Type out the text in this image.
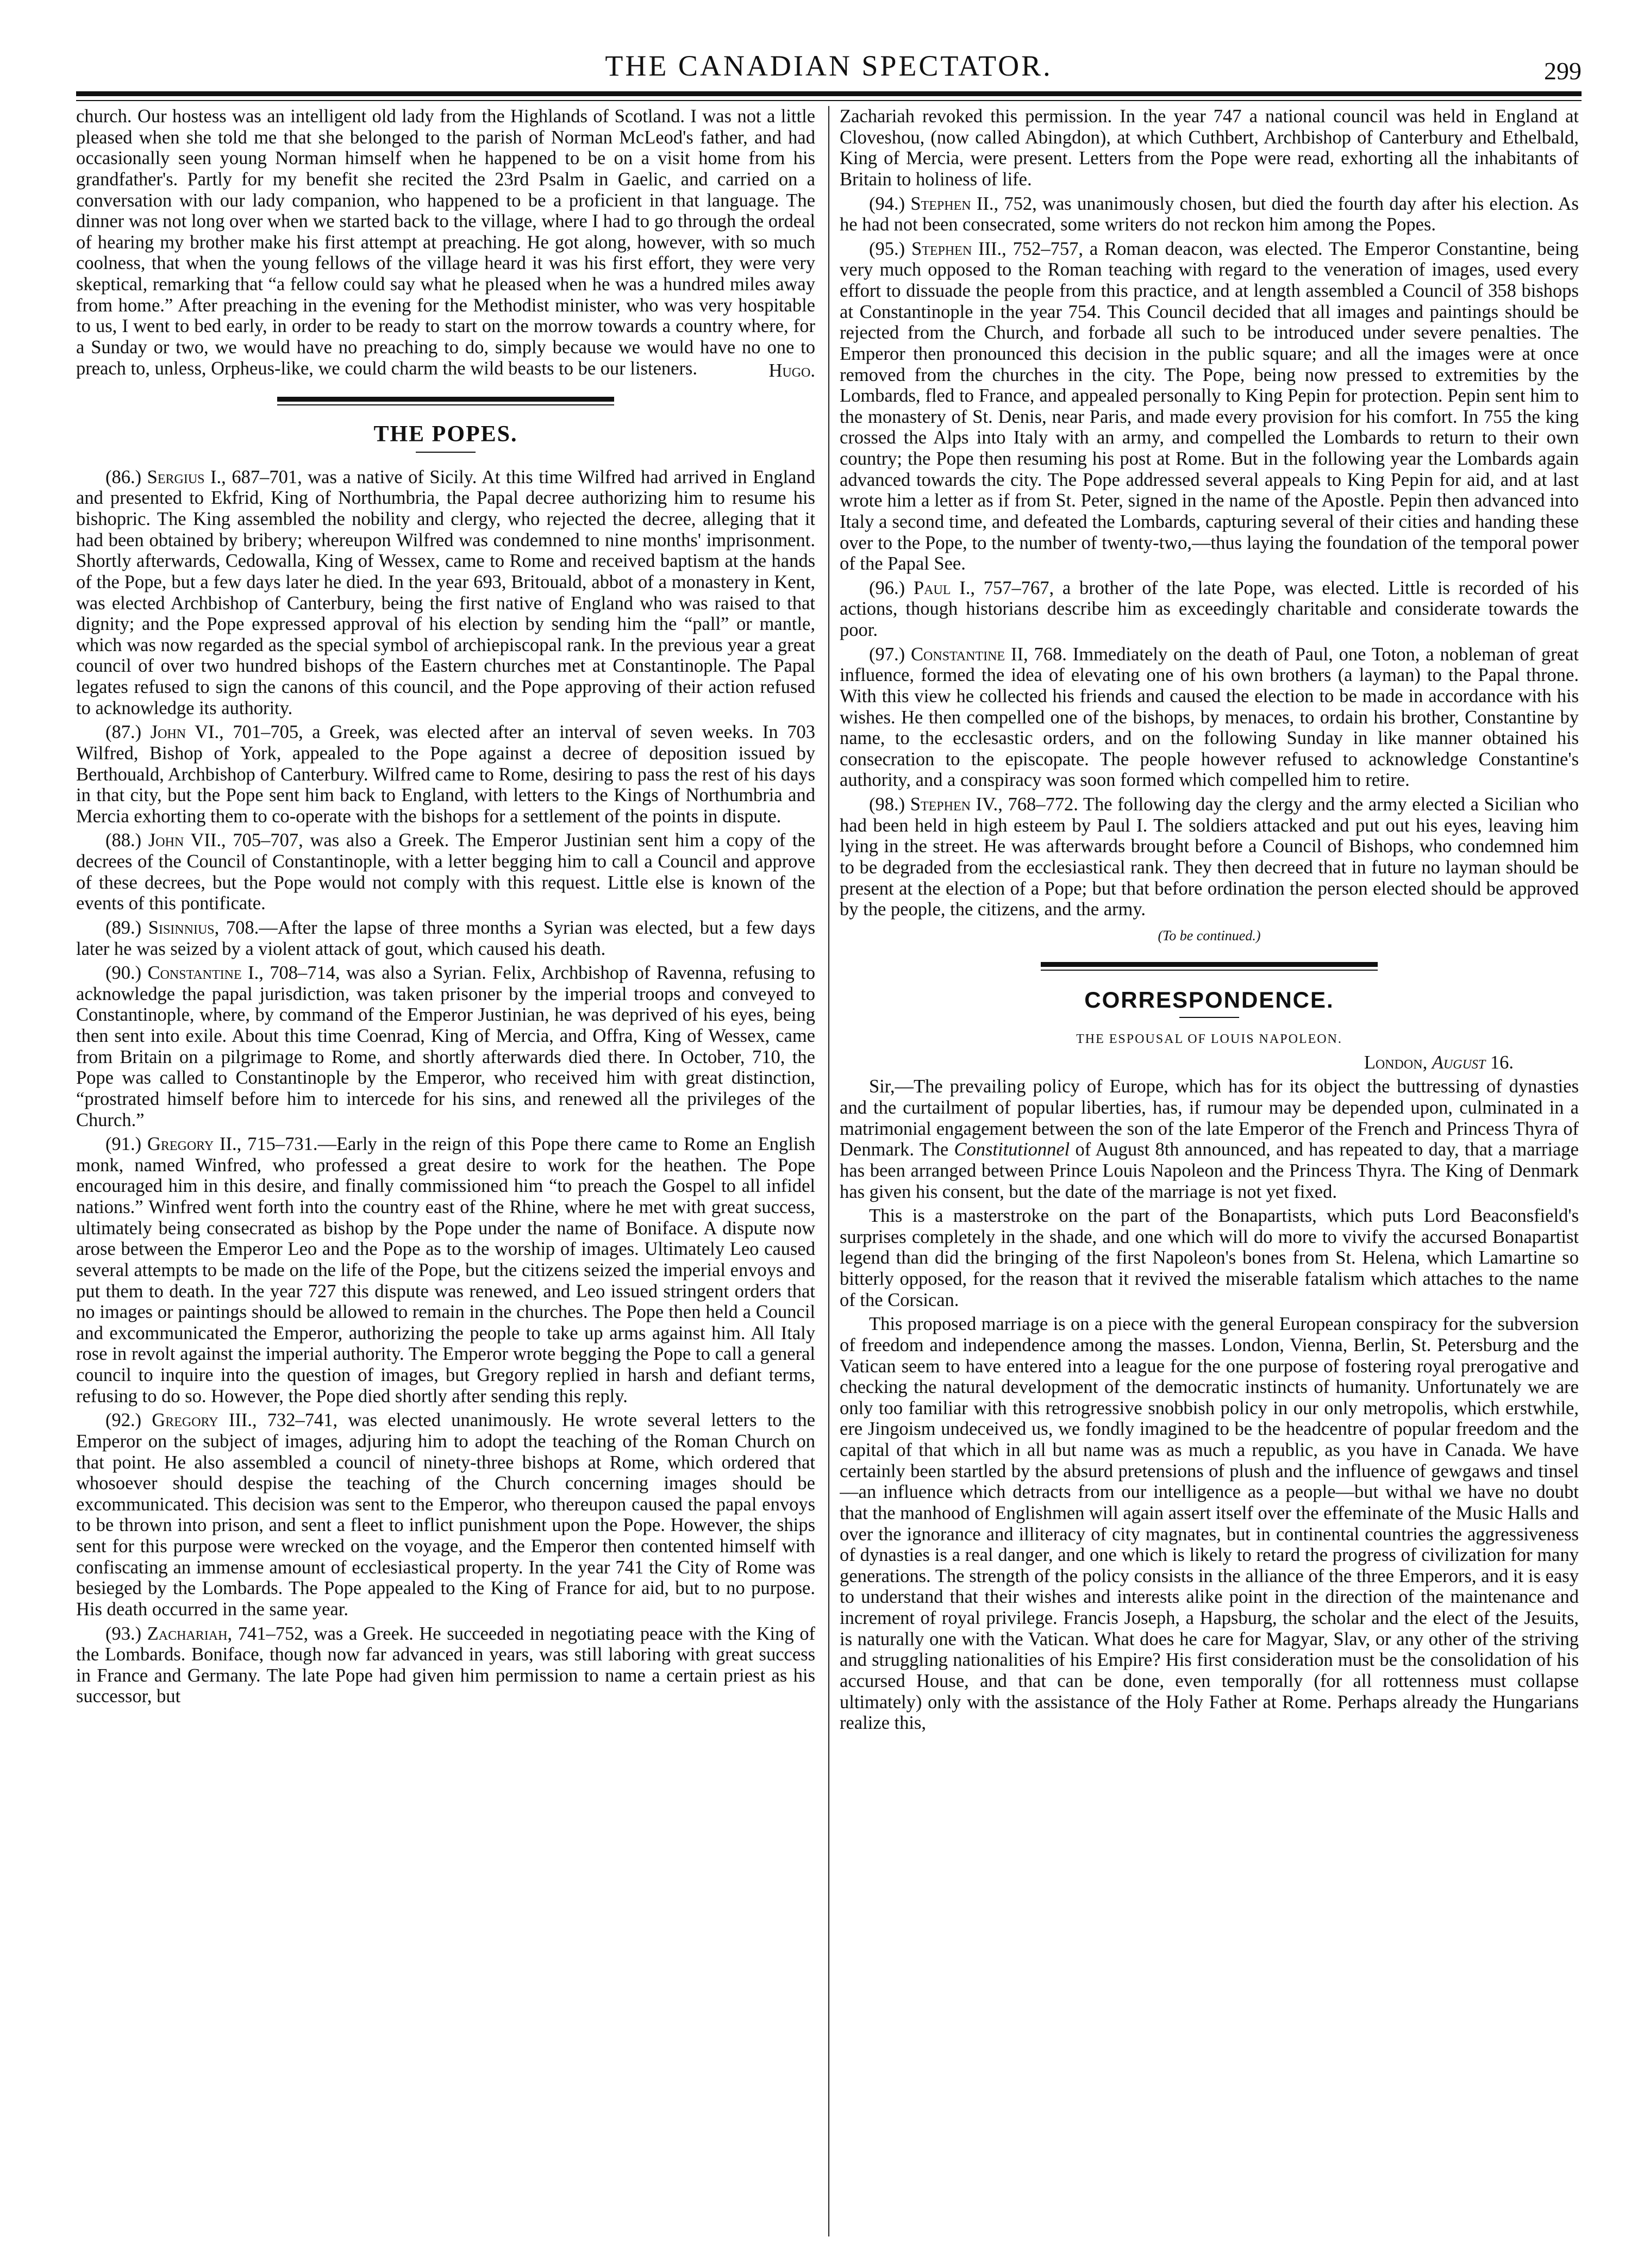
THE CANADIAN SPECTATOR.	299

church. Our hostess was an intelligent old lady from the Highlands of Scotland. I was not a little pleased when she told me that she belonged to the parish of Norman McLeod's father, and had occasionally seen young Norman himself when he happened to be on a visit home from his grandfather's. Partly for my benefit she recited the 23rd Psalm in Gaelic, and carried on a conversation with our lady companion, who happened to be a proficient in that language. The dinner was not long over when we started back to the village, where I had to go through the ordeal of hearing my brother make his first attempt at preaching. He got along, however, with so much coolness, that when the young fellows of the village heard it was his first effort, they were very skeptical, remarking that “a fellow could say what he pleased when he was a hundred miles away from home.” After preaching in the evening for the Methodist minister, who was very hospitable to us, I went to bed early, in order to be ready to start on the morrow towards a country where, for a Sunday or two, we would have no preaching to do, simply because we would have no one to preach to, unless, Orpheus-like, we could charm the wild beasts to be our listeners.	Hugo.

THE POPES.

(86.) Sergius I., 687–701, was a native of Sicily. At this time Wilfred had arrived in England and presented to Ekfrid, King of Northumbria, the Papal decree authorizing him to resume his bishopric. The King assembled the nobility and clergy, who rejected the decree, alleging that it had been obtained by bribery; whereupon Wilfred was condemned to nine months' imprisonment. Shortly afterwards, Cedowalla, King of Wessex, came to Rome and received baptism at the hands of the Pope, but a few days later he died. In the year 693, Britouald, abbot of a monastery in Kent, was elected Archbishop of Canterbury, being the first native of England who was raised to that dignity; and the Pope expressed approval of his election by sending him the “pall” or mantle, which was now regarded as the special symbol of archiepiscopal rank. In the previous year a great council of over two hundred bishops of the Eastern churches met at Constantinople. The Papal legates refused to sign the canons of this council, and the Pope approving of their action refused to acknowledge its authority.

(87.) John VI., 701–705, a Greek, was elected after an interval of seven weeks. In 703 Wilfred, Bishop of York, appealed to the Pope against a decree of deposition issued by Berthouald, Archbishop of Canterbury. Wilfred came to Rome, desiring to pass the rest of his days in that city, but the Pope sent him back to England, with letters to the Kings of Northumbria and Mercia exhorting them to co-operate with the bishops for a settlement of the points in dispute.

(88.) John VII., 705–707, was also a Greek. The Emperor Justinian sent him a copy of the decrees of the Council of Constantinople, with a letter begging him to call a Council and approve of these decrees, but the Pope would not comply with this request. Little else is known of the events of this pontificate.

(89.) Sisinnius, 708.—After the lapse of three months a Syrian was elected, but a few days later he was seized by a violent attack of gout, which caused his death.

(90.) Constantine I., 708–714, was also a Syrian. Felix, Archbishop of Ravenna, refusing to acknowledge the papal jurisdiction, was taken prisoner by the imperial troops and conveyed to Constantinople, where, by command of the Emperor Justinian, he was deprived of his eyes, being then sent into exile. About this time Coenrad, King of Mercia, and Offra, King of Wessex, came from Britain on a pilgrimage to Rome, and shortly afterwards died there. In October, 710, the Pope was called to Constantinople by the Emperor, who received him with great distinction, “prostrated himself before him to intercede for his sins, and renewed all the privileges of the Church.”

(91.) Gregory II., 715–731.—Early in the reign of this Pope there came to Rome an English monk, named Winfred, who professed a great desire to work for the heathen. The Pope encouraged him in this desire, and finally commissioned him “to preach the Gospel to all infidel nations.” Winfred went forth into the country east of the Rhine, where he met with great success, ultimately being consecrated as bishop by the Pope under the name of Boniface. A dispute now arose between the Emperor Leo and the Pope as to the worship of images. Ultimately Leo caused several attempts to be made on the life of the Pope, but the citizens seized the imperial envoys and put them to death. In the year 727 this dispute was renewed, and Leo issued stringent orders that no images or paintings should be allowed to remain in the churches. The Pope then held a Council and excommunicated the Emperor, authorizing the people to take up arms against him. All Italy rose in revolt against the imperial authority. The Emperor wrote begging the Pope to call a general council to inquire into the question of images, but Gregory replied in harsh and defiant terms, refusing to do so. However, the Pope died shortly after sending this reply.

(92.) Gregory III., 732–741, was elected unanimously. He wrote several letters to the Emperor on the subject of images, adjuring him to adopt the teaching of the Roman Church on that point. He also assembled a council of ninety-three bishops at Rome, which ordered that whosoever should despise the teaching of the Church concerning images should be excommunicated. This decision was sent to the Emperor, who thereupon caused the papal envoys to be thrown into prison, and sent a fleet to inflict punishment upon the Pope. However, the ships sent for this purpose were wrecked on the voyage, and the Emperor then contented himself with confiscating an immense amount of ecclesiastical property. In the year 741 the City of Rome was besieged by the Lombards. The Pope appealed to the King of France for aid, but to no purpose. His death occurred in the same year.

(93.) Zachariah, 741–752, was a Greek. He succeeded in negotiating peace with the King of the Lombards. Boniface, though now far advanced in years, was still laboring with great success in France and Germany. The late Pope had given him permission to name a certain priest as his successor, but

Zachariah revoked this permission. In the year 747 a national council was held in England at Cloveshou, (now called Abingdon), at which Cuthbert, Archbishop of Canterbury and Ethelbald, King of Mercia, were present. Letters from the Pope were read, exhorting all the inhabitants of Britain to holiness of life.

(94.) Stephen II., 752, was unanimously chosen, but died the fourth day after his election. As he had not been consecrated, some writers do not reckon him among the Popes.

(95.) Stephen III., 752–757, a Roman deacon, was elected. The Emperor Constantine, being very much opposed to the Roman teaching with regard to the veneration of images, used every effort to dissuade the people from this practice, and at length assembled a Council of 358 bishops at Constantinople in the year 754. This Council decided that all images and paintings should be rejected from the Church, and forbade all such to be introduced under severe penalties. The Emperor then pronounced this decision in the public square; and all the images were at once removed from the churches in the city. The Pope, being now pressed to extremities by the Lombards, fled to France, and appealed personally to King Pepin for protection. Pepin sent him to the monastery of St. Denis, near Paris, and made every provision for his comfort. In 755 the king crossed the Alps into Italy with an army, and compelled the Lombards to return to their own country; the Pope then resuming his post at Rome. But in the following year the Lombards again advanced towards the city. The Pope addressed several appeals to King Pepin for aid, and at last wrote him a letter as if from St. Peter, signed in the name of the Apostle. Pepin then advanced into Italy a second time, and defeated the Lombards, capturing several of their cities and handing these over to the Pope, to the number of twenty-two,—thus laying the foundation of the temporal power of the Papal See.

(96.) Paul I., 757–767, a brother of the late Pope, was elected. Little is recorded of his actions, though historians describe him as exceedingly charitable and considerate towards the poor.

(97.) Constantine II, 768. Immediately on the death of Paul, one Toton, a nobleman of great influence, formed the idea of elevating one of his own brothers (a layman) to the Papal throne. With this view he collected his friends and caused the election to be made in accordance with his wishes. He then compelled one of the bishops, by menaces, to ordain his brother, Constantine by name, to the ecclesastic orders, and on the following Sunday in like manner obtained his consecration to the episcopate. The people however refused to acknowledge Constantine's authority, and a conspiracy was soon formed which compelled him to retire.

(98.) Stephen IV., 768–772. The following day the clergy and the army elected a Sicilian who had been held in high esteem by Paul I. The soldiers attacked and put out his eyes, leaving him lying in the street. He was afterwards brought before a Council of Bishops, who condemned him to be degraded from the ecclesiastical rank. They then decreed that in future no layman should be present at the election of a Pope; but that before ordination the person elected should be approved by the people, the citizens, and the army.

(To be continued.)

CORRESPONDENCE.

THE ESPOUSAL OF LOUIS NAPOLEON.

London, August 16.

Sir,—The prevailing policy of Europe, which has for its object the buttressing of dynasties and the curtailment of popular liberties, has, if rumour may be depended upon, culminated in a matrimonial engagement between the son of the late Emperor of the French and Princess Thyra of Denmark. The Constitutionnel of August 8th announced, and has repeated to day, that a marriage has been arranged between Prince Louis Napoleon and the Princess Thyra. The King of Denmark has given his consent, but the date of the marriage is not yet fixed.

This is a masterstroke on the part of the Bonapartists, which puts Lord Beaconsfield's surprises completely in the shade, and one which will do more to vivify the accursed Bonapartist legend than did the bringing of the first Napoleon's bones from St. Helena, which Lamartine so bitterly opposed, for the reason that it revived the miserable fatalism which attaches to the name of the Corsican.

This proposed marriage is on a piece with the general European conspiracy for the subversion of freedom and independence among the masses. London, Vienna, Berlin, St. Petersburg and the Vatican seem to have entered into a league for the one purpose of fostering royal prerogative and checking the natural development of the democratic instincts of humanity. Unfortunately we are only too familiar with this retrogressive snobbish policy in our only metropolis, which erstwhile, ere Jingoism undeceived us, we fondly imagined to be the headcentre of popular freedom and the capital of that which in all but name was as much a republic, as you have in Canada. We have certainly been startled by the absurd pretensions of plush and the influence of gewgaws and tinsel—an influence which detracts from our intelligence as a people—but withal we have no doubt that the manhood of Englishmen will again assert itself over the effeminate of the Music Halls and over the ignorance and illiteracy of city magnates, but in continental countries the aggressiveness of dynasties is a real danger, and one which is likely to retard the progress of civilization for many generations. The strength of the policy consists in the alliance of the three Emperors, and it is easy to understand that their wishes and interests alike point in the direction of the maintenance and increment of royal privilege. Francis Joseph, a Hapsburg, the scholar and the elect of the Jesuits, is naturally one with the Vatican. What does he care for Magyar, Slav, or any other of the striving and struggling nationalities of his Empire? His first consideration must be the consolidation of his accursed House, and that can be done, even temporally (for all rottenness must collapse ultimately) only with the assistance of the Holy Father at Rome. Perhaps already the Hungarians realize this,
